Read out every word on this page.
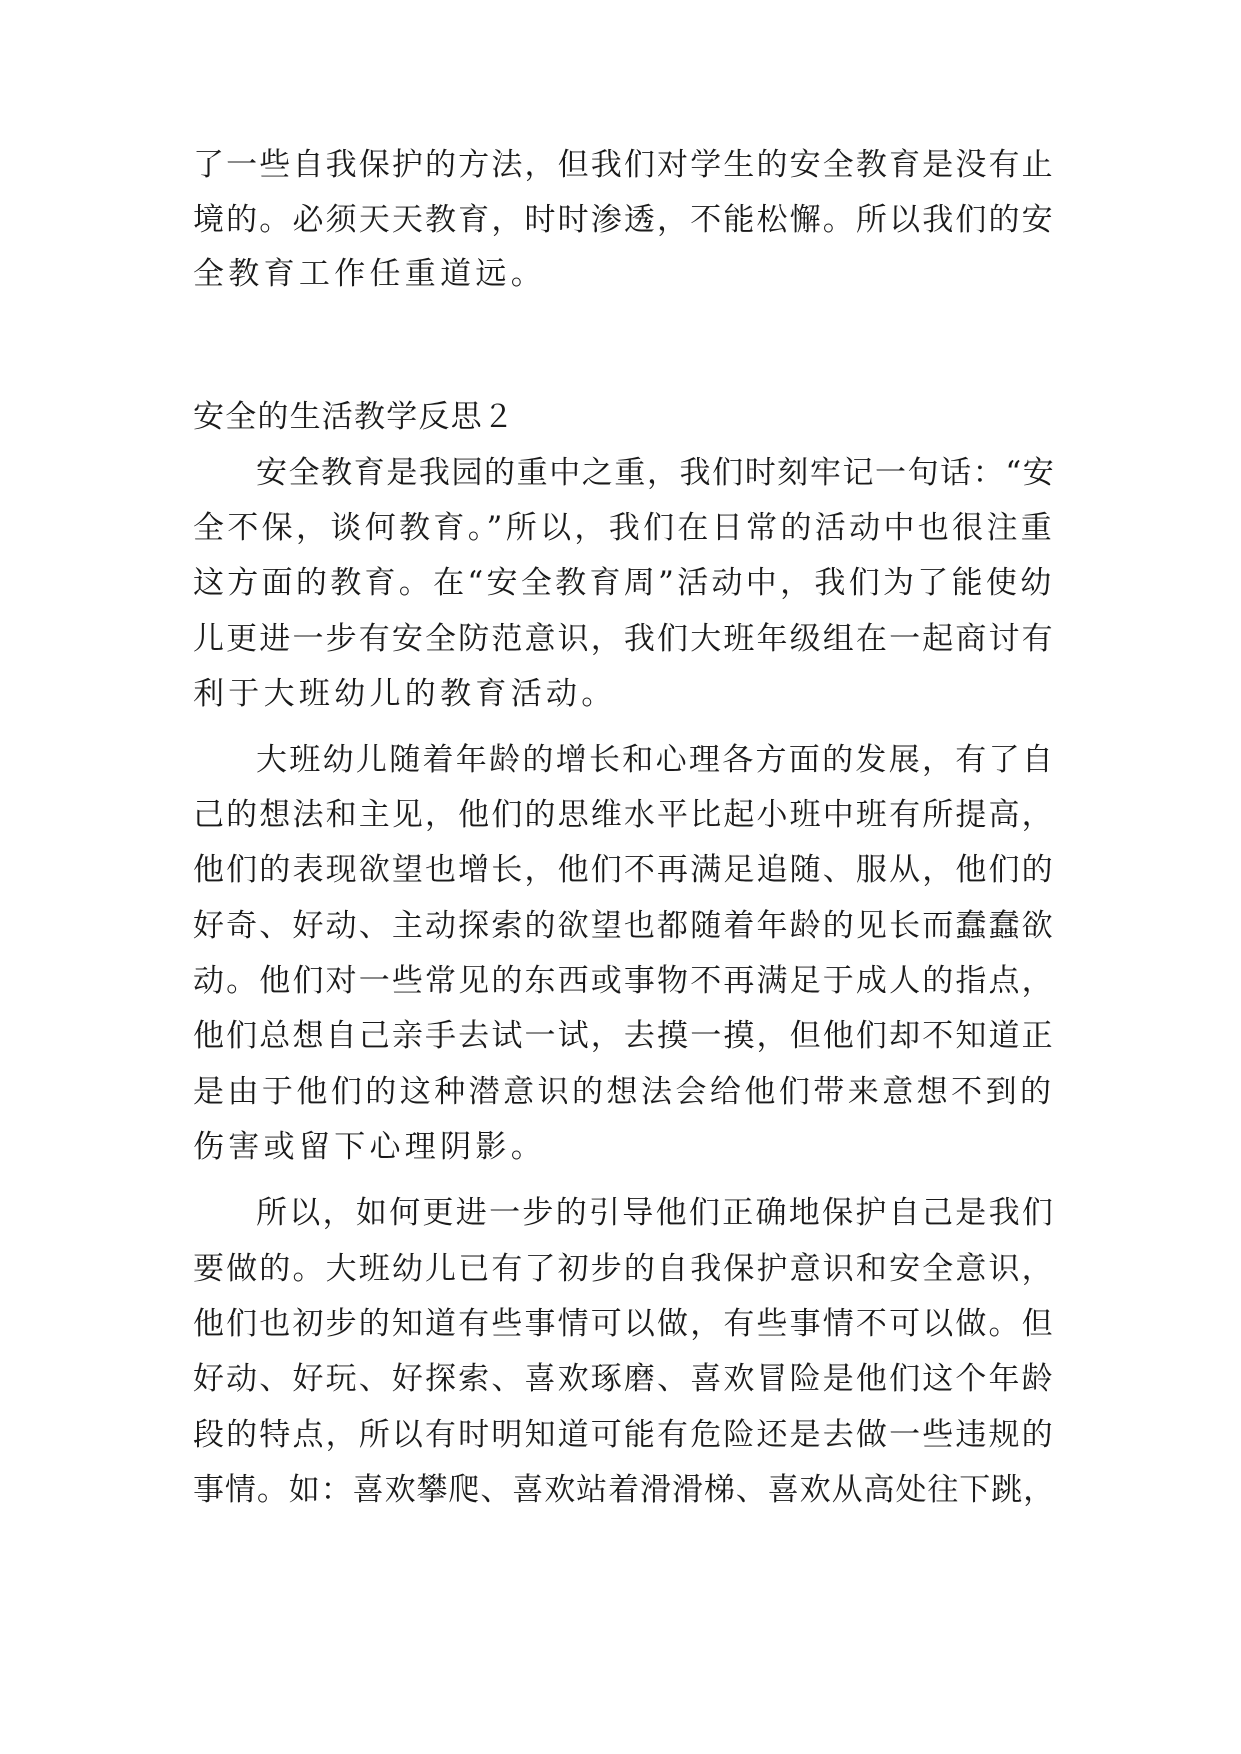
了一些自我保护的方法，但我们对学生的安全教育是没有止
境的。必须天天教育，时时渗透，不能松懈。所以我们的安
全教育工作任重道远。
安全的生活教学反思２
安全教育是我园的重中之重，我们时刻牢记一句话：“安
全不保，谈何教育。”所以，我们在日常的活动中也很注重
这方面的教育。在“安全教育周”活动中，我们为了能使幼
儿更进一步有安全防范意识，我们大班年级组在一起商讨有
利于大班幼儿的教育活动。
大班幼儿随着年龄的增长和心理各方面的发展，有了自
己的想法和主见，他们的思维水平比起小班中班有所提高，
他们的表现欲望也增长，他们不再满足追随、服从，他们的
好奇、好动、主动探索的欲望也都随着年龄的见长而蠢蠢欲
动。他们对一些常见的东西或事物不再满足于成人的指点，
他们总想自己亲手去试一试，去摸一摸，但他们却不知道正
是由于他们的这种潜意识的想法会给他们带来意想不到的
伤害或留下心理阴影。
所以，如何更进一步的引导他们正确地保护自己是我们
要做的。大班幼儿已有了初步的自我保护意识和安全意识，
他们也初步的知道有些事情可以做，有些事情不可以做。但
好动、好玩、好探索、喜欢琢磨、喜欢冒险是他们这个年龄
段的特点，所以有时明知道可能有危险还是去做一些违规的
事情。如：喜欢攀爬、喜欢站着滑滑梯、喜欢从高处往下跳，
